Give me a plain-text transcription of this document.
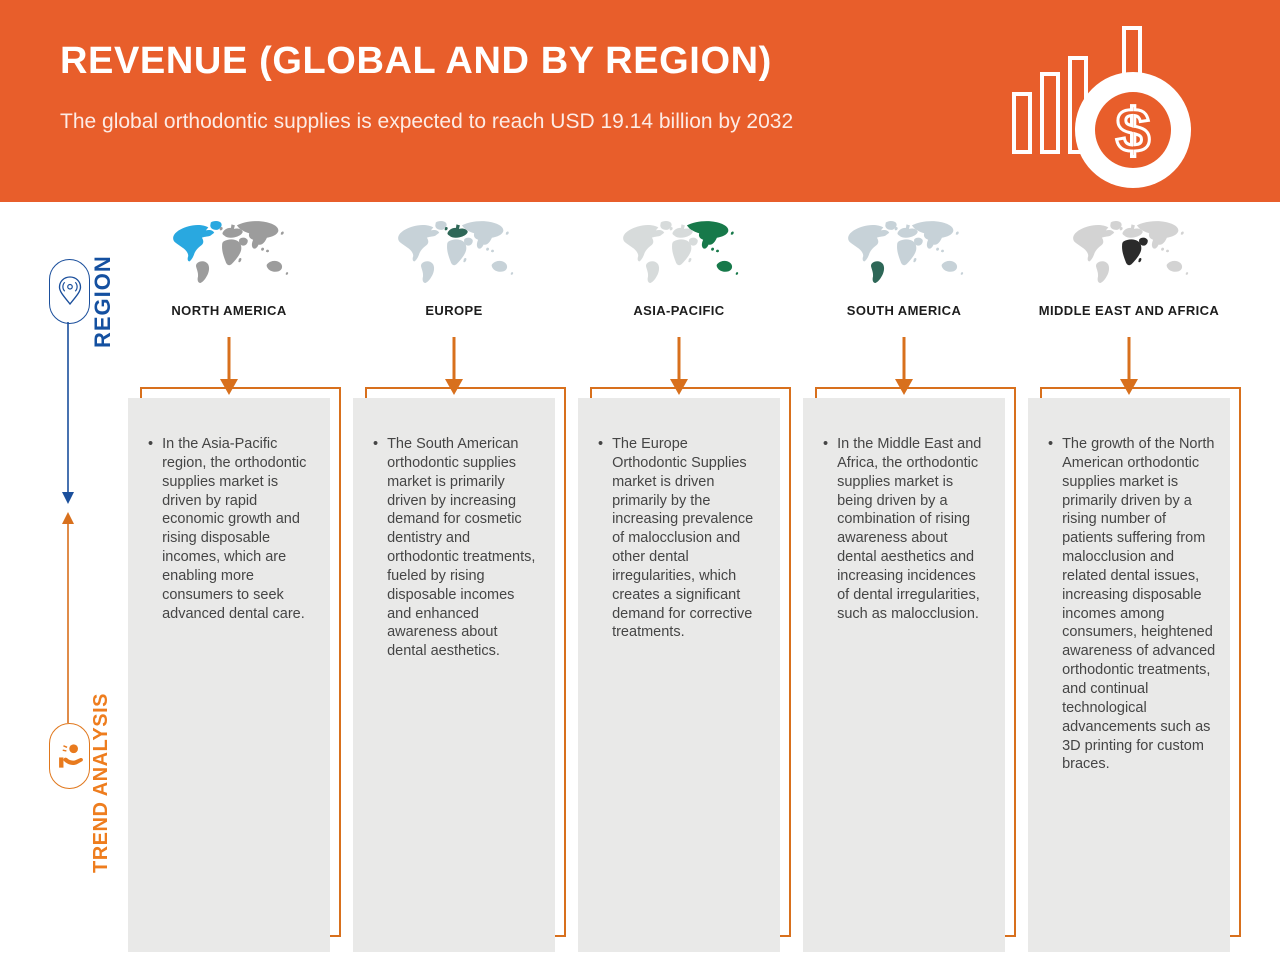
REVENUE (GLOBAL AND BY REGION)

The global orthodontic supplies is expected to reach USD 19.14 billion by 2032	$
REGION
TREND ANALYSIS
NORTH AMERICA
• In the Asia-Pacific region, the orthodontic supplies market is driven by rapid economic growth and rising disposable incomes, which are enabling more consumers to seek advanced dental care.

EUROPE
• The South American orthodontic supplies market is primarily driven by increasing demand for cosmetic dentistry and orthodontic treatments, fueled by rising disposable incomes and enhanced awareness about dental aesthetics.

ASIA-PACIFIC
• The Europe Orthodontic Supplies market is driven primarily by the increasing prevalence of malocclusion and other dental irregularities, which creates a significant demand for corrective treatments.

SOUTH AMERICA
• In the Middle East and Africa, the orthodontic supplies market is being driven by a combination of rising awareness about dental aesthetics and increasing incidences of dental irregularities, such as malocclusion.

MIDDLE EAST AND AFRICA
• The growth of the North American orthodontic supplies market is primarily driven by a rising number of patients suffering from malocclusion and related dental issues, increasing disposable incomes among consumers, heightened awareness of advanced orthodontic treatments, and continual technological advancements such as 3D printing for custom braces.
